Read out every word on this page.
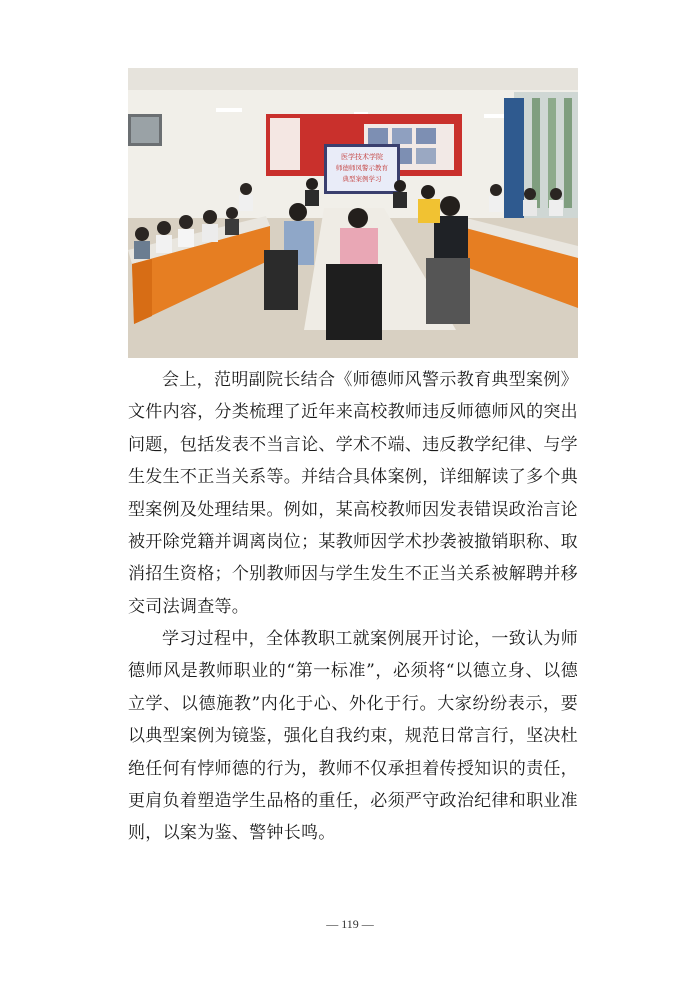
医学技术学院
师德师风警示教育
典型案例学习

会上，范明副院长结合《师德师风警示教育典型案例》文件内容，分类梳理了近年来高校教师违反师德师风的突出问题，包括发表不当言论、学术不端、违反教学纪律、与学生发生不正当关系等。并结合具体案例，详细解读了多个典型案例及处理结果。例如，某高校教师因发表错误政治言论被开除党籍并调离岗位；某教师因学术抄袭被撤销职称、取消招生资格；个别教师因与学生发生不正当关系被解聘并移交司法调查等。

学习过程中，全体教职工就案例展开讨论，一致认为师德师风是教师职业的“第一标准”，必须将“以德立身、以德立学、以德施教”内化于心、外化于行。大家纷纷表示，要以典型案例为镜鉴，强化自我约束，规范日常言行，坚决杜绝任何有悖师德的行为，教师不仅承担着传授知识的责任，更肩负着塑造学生品格的重任，必须严守政治纪律和职业准则，以案为鉴、警钟长鸣。

— 119 —
